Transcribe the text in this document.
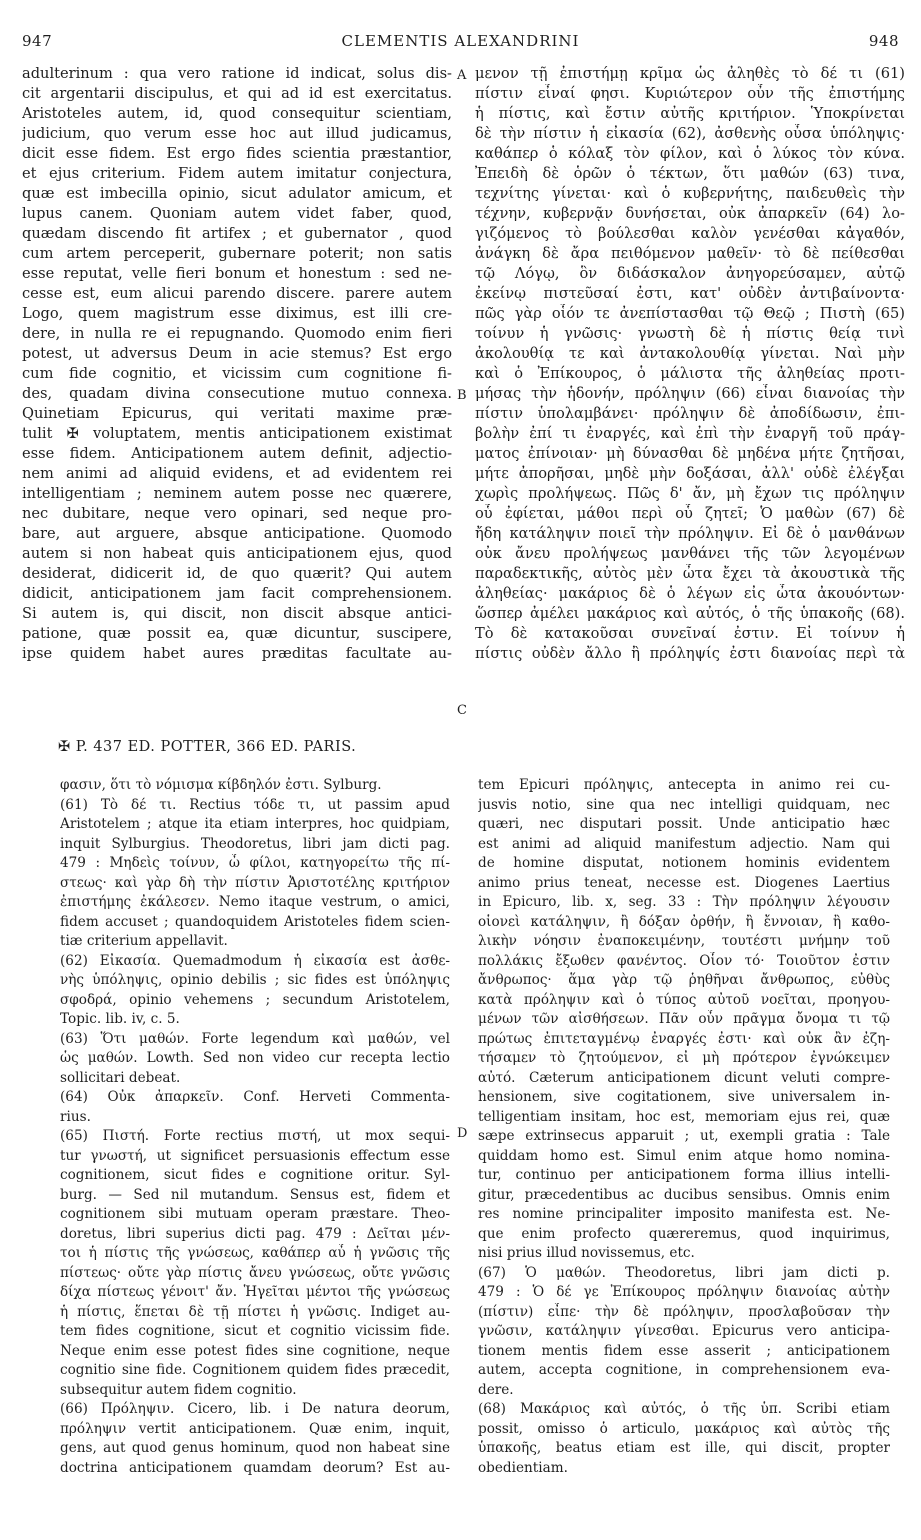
947	CLEMENTIS ALEXANDRINI	948
adulterinum : qua vero ratione id indicat, solus dis-
cit argentarii discipulus, et qui ad id est exercitatus.
Aristoteles autem, id, quod consequitur scientiam,
judicium, quo verum esse hoc aut illud judicamus,
dicit esse fidem. Est ergo fides scientia præstantior,
et ejus criterium. Fidem autem imitatur conjectura,
quæ est imbecilla opinio, sicut adulator amicum, et
lupus canem. Quoniam autem videt faber, quod,
quædam discendo fit artifex ; et gubernator , quod
cum artem perceperit, gubernare poterit; non satis
esse reputat, velle fieri bonum et honestum : sed ne-
cesse est, eum alicui parendo discere. parere autem
Logo, quem magistrum esse diximus, est illi cre-
dere, in nulla re ei repugnando. Quomodo enim fieri
potest, ut adversus Deum in acie stemus? Est ergo
cum fide cognitio, et vicissim cum cognitione fi-
des, quadam divina consecutione mutuo connexa.
Quinetiam Epicurus, qui veritati maxime præ-
tulit ✠ voluptatem, mentis anticipationem existimat
esse fidem. Anticipationem autem definit, adjectio-
nem animi ad aliquid evidens, et ad evidentem rei
intelligentiam ; neminem autem posse nec quærere,
nec dubitare, neque vero opinari, sed neque pro-
bare, aut arguere, absque anticipatione. Quomodo
autem si non habeat quis anticipationem ejus, quod
desiderat, didicerit id, de quo quærit? Qui autem
didicit, anticipationem jam facit comprehensionem.
Si autem is, qui discit, non discit absque antici-
patione, quæ possit ea, quæ dicuntur, suscipere,
ipse quidem habet aures præditas facultate au-
μενον τῇ ἐπιστήμῃ κρῖμα ὡς ἀληθὲς τὸ δέ τι (61)
πίστιν εἶναί φησι. Κυριώτερον οὖν τῆς ἐπιστήμης
ἡ πίστις, καὶ ἔστιν αὐτῆς κριτήριον. Ὑποκρίνεται
δὲ τὴν πίστιν ἡ εἰκασία (62), ἀσθενὴς οὖσα ὑπόληψις·
καθάπερ ὁ κόλαξ τὸν φίλον, καὶ ὁ λύκος τὸν κύνα.
Ἐπειδὴ δὲ ὁρῶν ὁ τέκτων, ὅτι μαθών (63) τινα,
τεχνίτης γίνεται· καὶ ὁ κυβερνήτης, παιδευθεὶς τὴν
τέχνην, κυβερνᾷν δυνήσεται, οὐκ ἀπαρκεῖν (64) λο-
γιζόμενος τὸ βούλεσθαι καλὸν γενέσθαι κἀγαθόν,
ἀνάγκη δὲ ἄρα πειθόμενον μαθεῖν· τὸ δὲ πείθεσθαι
τῷ Λόγῳ, ὃν διδάσκαλον ἀνηγορεύσαμεν, αὐτῷ
ἐκείνῳ πιστεῦσαί ἐστι, κατ' οὐδὲν ἀντιβαίνοντα·
πῶς γὰρ οἷόν τε ἀνεπίστασθαι τῷ Θεῷ ; Πιστὴ (65)
τοίνυν ἡ γνῶσις· γνωστὴ δὲ ἡ πίστις θείᾳ τινὶ
ἀκολουθίᾳ τε καὶ ἀντακολουθίᾳ γίνεται. Ναὶ μὴν
καὶ ὁ Ἐπίκουρος, ὁ μάλιστα τῆς ἀληθείας προτι-
μήσας τὴν ἡδονήν, πρόληψιν (66) εἶναι διανοίας τὴν
πίστιν ὑπολαμβάνει· πρόληψιν δὲ ἀποδίδωσιν, ἐπι-
βολὴν ἐπί τι ἐναργές, καὶ ἐπὶ τὴν ἐναργῆ τοῦ πράγ-
ματος ἐπίνοιαν· μὴ δύνασθαι δὲ μηδένα μήτε ζητῆσαι,
μήτε ἀπορῆσαι, μηδὲ μὴν δοξάσαι, ἀλλ' οὐδὲ ἐλέγξαι
χωρὶς προλήψεως. Πῶς δ' ἄν, μὴ ἔχων τις πρόληψιν
οὗ ἐφίεται, μάθοι περὶ οὗ ζητεῖ; Ὁ μαθὼν (67) δὲ
ἤδη κατάληψιν ποιεῖ τὴν πρόληψιν. Εἰ δὲ ὁ μανθάνων
οὐκ ἄνευ προλήψεως μανθάνει τῆς τῶν λεγομένων
παραδεκτικῆς, αὐτὸς μὲν ὦτα ἔχει τὰ ἀκουστικὰ τῆς
ἀληθείας· μακάριος δὲ ὁ λέγων εἰς ὦτα ἀκουόντων·
ὥσπερ ἀμέλει μακάριος καὶ αὐτός, ὁ τῆς ὑπακοῆς (68).
Τὸ δὲ κατακοῦσαι συνεῖναί ἐστιν. Εἰ τοίνυν ἡ
πίστις οὐδὲν ἄλλο ἢ πρόληψίς ἐστι διανοίας περὶ τὰ
A
B
C
D
✠ P. 437 ED. POTTER, 366 ED. PARIS.
φασιν, ὅτι τὸ νόμισμα κίβδηλόν ἐστι. Sylburg.
(61) Τὸ δέ τι. Rectius τόδε τι, ut passim apud
Aristotelem ; atque ita etiam interpres, hoc quidpiam,
inquit Sylburgius. Theodoretus, libri jam dicti pag.
479 : Μηδεὶς τοίνυν, ὦ φίλοι, κατηγορείτω τῆς πί-
στεως· καὶ γὰρ δὴ τὴν πίστιν Ἀριστοτέλης κριτήριον
ἐπιστήμης ἐκάλεσεν. Nemo itaque vestrum, o amici,
fidem accuset ; quandoquidem Aristoteles fidem scien-
tiæ criterium appellavit.
(62) Εἰκασία. Quemadmodum ἡ εἰκασία est ἀσθε-
νὴς ὑπόληψις, opinio debilis ; sic fides est ὑπόληψις
σφοδρά, opinio vehemens ; secundum Aristotelem,
Topic. lib. iv, c. 5.
(63) Ὅτι μαθών. Forte legendum καὶ μαθών, vel
ὡς μαθών. Lowth. Sed non video cur recepta lectio
sollicitari debeat.
(64) Οὐκ ἀπαρκεῖν. Conf. Herveti Commenta-
rius.
(65) Πιστή. Forte rectius πιστή, ut mox sequi-
tur γνωστή, ut significet persuasionis effectum esse
cognitionem, sicut fides e cognitione oritur. Syl-
burg. — Sed nil mutandum. Sensus est, fidem et
cognitionem sibi mutuam operam præstare. Theo-
doretus, libri superius dicti pag. 479 : Δεῖται μέν-
τοι ἡ πίστις τῆς γνώσεως, καθάπερ αὖ ἡ γνῶσις τῆς
πίστεως· οὔτε γὰρ πίστις ἄνευ γνώσεως, οὔτε γνῶσις
δίχα πίστεως γένοιτ' ἄν. Ἡγεῖται μέντοι τῆς γνώσεως
ἡ πίστις, ἕπεται δὲ τῇ πίστει ἡ γνῶσις. Indiget au-
tem fides cognitione, sicut et cognitio vicissim fide.
Neque enim esse potest fides sine cognitione, neque
cognitio sine fide. Cognitionem quidem fides præcedit,
subsequitur autem fidem cognitio.
(66) Πρόληψιν. Cicero, lib. i De natura deorum,
πρόληψιν vertit anticipationem. Quæ enim, inquit,
gens, aut quod genus hominum, quod non habeat sine
doctrina anticipationem quamdam deorum? Est au-
tem Epicuri πρόληψις, antecepta in animo rei cu-
jusvis notio, sine qua nec intelligi quidquam, nec
quæri, nec disputari possit. Unde anticipatio hæc
est animi ad aliquid manifestum adjectio. Nam qui
de homine disputat, notionem hominis evidentem
animo prius teneat, necesse est. Diogenes Laertius
in Epicuro, lib. x, seg. 33 : Τὴν πρόληψιν λέγουσιν
οἱονεὶ κατάληψιν, ἢ δόξαν ὀρθήν, ἢ ἔννοιαν, ἢ καθο-
λικὴν νόησιν ἐναποκειμένην, τουτέστι μνήμην τοῦ
πολλάκις ἔξωθεν φανέντος. Οἷον τό· Τοιοῦτον ἐστιν
ἄνθρωπος· ἅμα γὰρ τῷ ῥηθῆναι ἄνθρωπος, εὐθὺς
κατὰ πρόληψιν καὶ ὁ τύπος αὐτοῦ νοεῖται, προηγου-
μένων τῶν αἰσθήσεων. Πᾶν οὖν πρᾶγμα ὄνομα τι τῷ
πρώτως ἐπιτεταγμένῳ ἐναργές ἐστι· καὶ οὐκ ἂν ἐζη-
τήσαμεν τὸ ζητούμενον, εἰ μὴ πρότερον ἐγνώκειμεν
αὐτό. Cæterum anticipationem dicunt veluti compre-
hensionem, sive cogitationem, sive universalem in-
telligentiam insitam, hoc est, memoriam ejus rei, quæ
sæpe extrinsecus apparuit ; ut, exempli gratia : Tale
quiddam homo est. Simul enim atque homo nomina-
tur, continuo per anticipationem forma illius intelli-
gitur, præcedentibus ac ducibus sensibus. Omnis enim
res nomine principaliter imposito manifesta est. Ne-
que enim profecto quæreremus, quod inquirimus,
nisi prius illud novissemus, etc.
(67) Ὁ μαθών. Theodoretus, libri jam dicti p.
479 : Ὁ δέ γε Ἐπίκουρος πρόληψιν διανοίας αὐτὴν
(πίστιν) εἶπε· τὴν δὲ πρόληψιν, προσλαβοῦσαν τὴν
γνῶσιν, κατάληψιν γίνεσθαι. Epicurus vero anticipa-
tionem mentis fidem esse asserit ; anticipationem
autem, accepta cognitione, in comprehensionem eva-
dere.
(68) Μακάριος καὶ αὐτός, ὁ τῆς ὑπ. Scribi etiam
possit, omisso ὁ articulo, μακάριος καὶ αὐτὸς τῆς
ὑπακοῆς, beatus etiam est ille, qui discit, propter
obedientiam.
